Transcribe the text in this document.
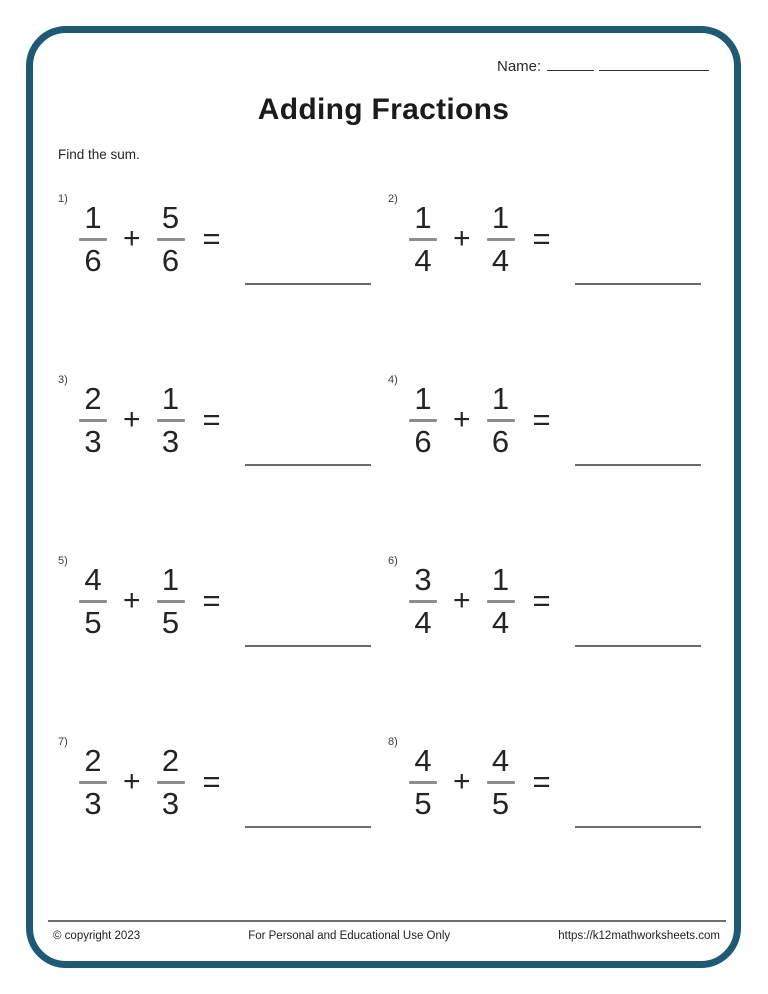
Name:
Adding Fractions
Find the sum.
1)
$\frac{1}{6} + \frac{5}{6}$ =
2)
$\frac{1}{4} + \frac{1}{4}$ =
3)
$\frac{2}{3} + \frac{1}{3}$ =
4)
$\frac{1}{6} + \frac{1}{6}$ =
5)
$\frac{4}{5} + \frac{1}{5}$ =
6)
$\frac{3}{4} + \frac{1}{4}$ =
7)
$\frac{2}{3} + \frac{2}{3}$ =
8)
$\frac{4}{5} + \frac{4}{5}$ =
© copyright 2023	For Personal and Educational Use Only	https://k12mathworksheets.com
